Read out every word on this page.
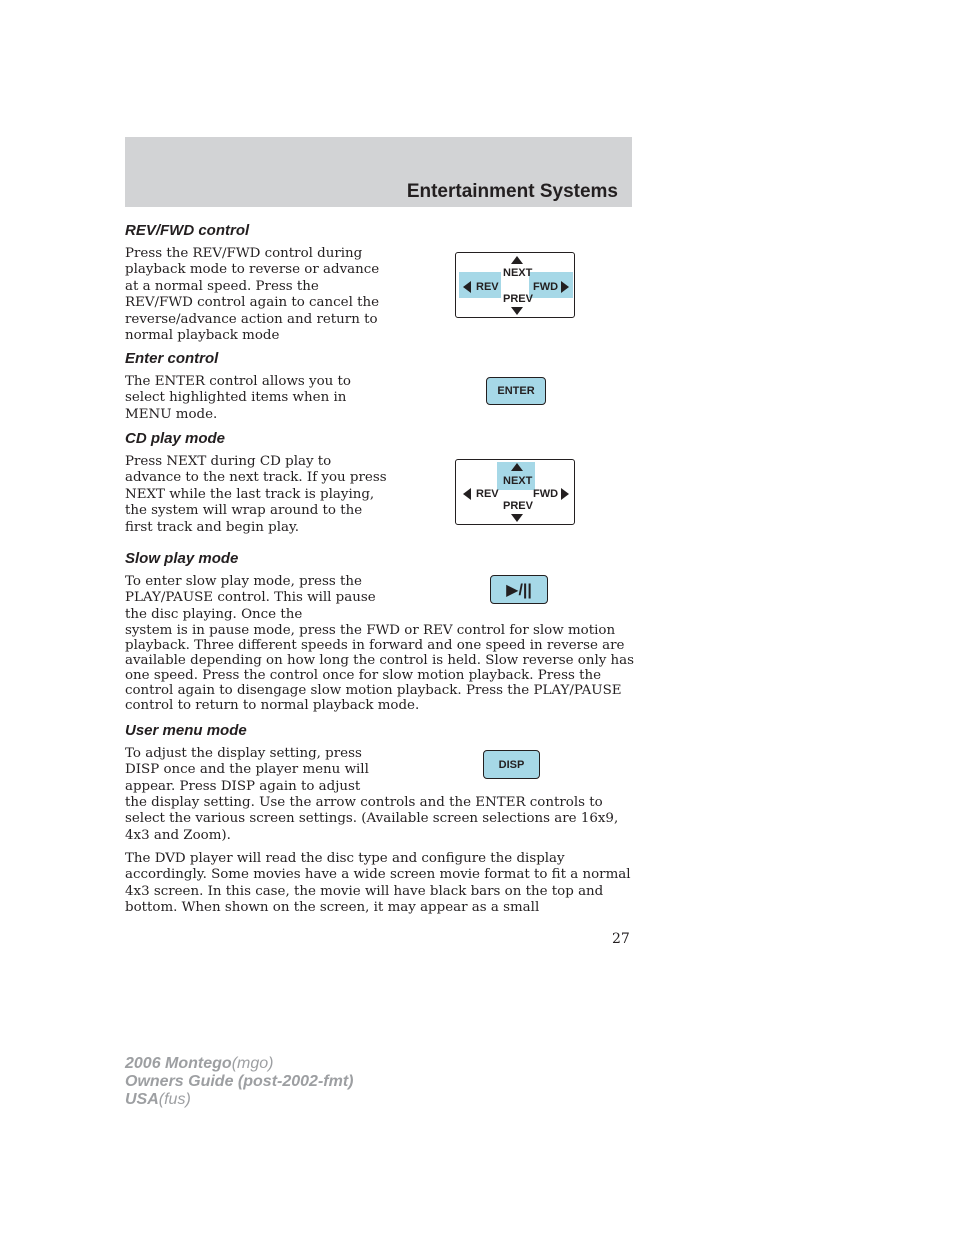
Entertainment Systems
REV/FWD control
Press the REV/FWD control during playback mode to reverse or advance at a normal speed. Press the REV/FWD control again to cancel the reverse/advance action and return to normal playback mode
NEXT
PREV
REV	FWD
Enter control
The ENTER control allows you to select highlighted items when in MENU mode.
ENTER
CD play mode
Press NEXT during CD play to advance to the next track. If you press NEXT while the last track is playing, the system will wrap around to the first track and begin play.
NEXT
PREV
REV	FWD
Slow play mode
To enter slow play mode, press the PLAY/PAUSE control. This will pause the disc playing. Once the
system is in pause mode, press the FWD or REV control for slow motion playback. Three different speeds in forward and one speed in reverse are available depending on how long the control is held. Slow reverse only has one speed. Press the control once for slow motion playback. Press the control again to disengage slow motion playback. Press the PLAY/PAUSE control to return to normal playback mode.
▶/||
User menu mode
To adjust the display setting, press DISP once and the player menu will appear. Press DISP again to adjust
the display setting. Use the arrow controls and the ENTER controls to select the various screen settings. (Available screen selections are 16x9, 4x3 and Zoom).
DISP
The DVD player will read the disc type and configure the display accordingly. Some movies have a wide screen movie format to fit a normal 4x3 screen. In this case, the movie will have black bars on the top and bottom. When shown on the screen, it may appear as a small
27
2006 Montego(mgo)
Owners Guide (post-2002-fmt)
USA(fus)
